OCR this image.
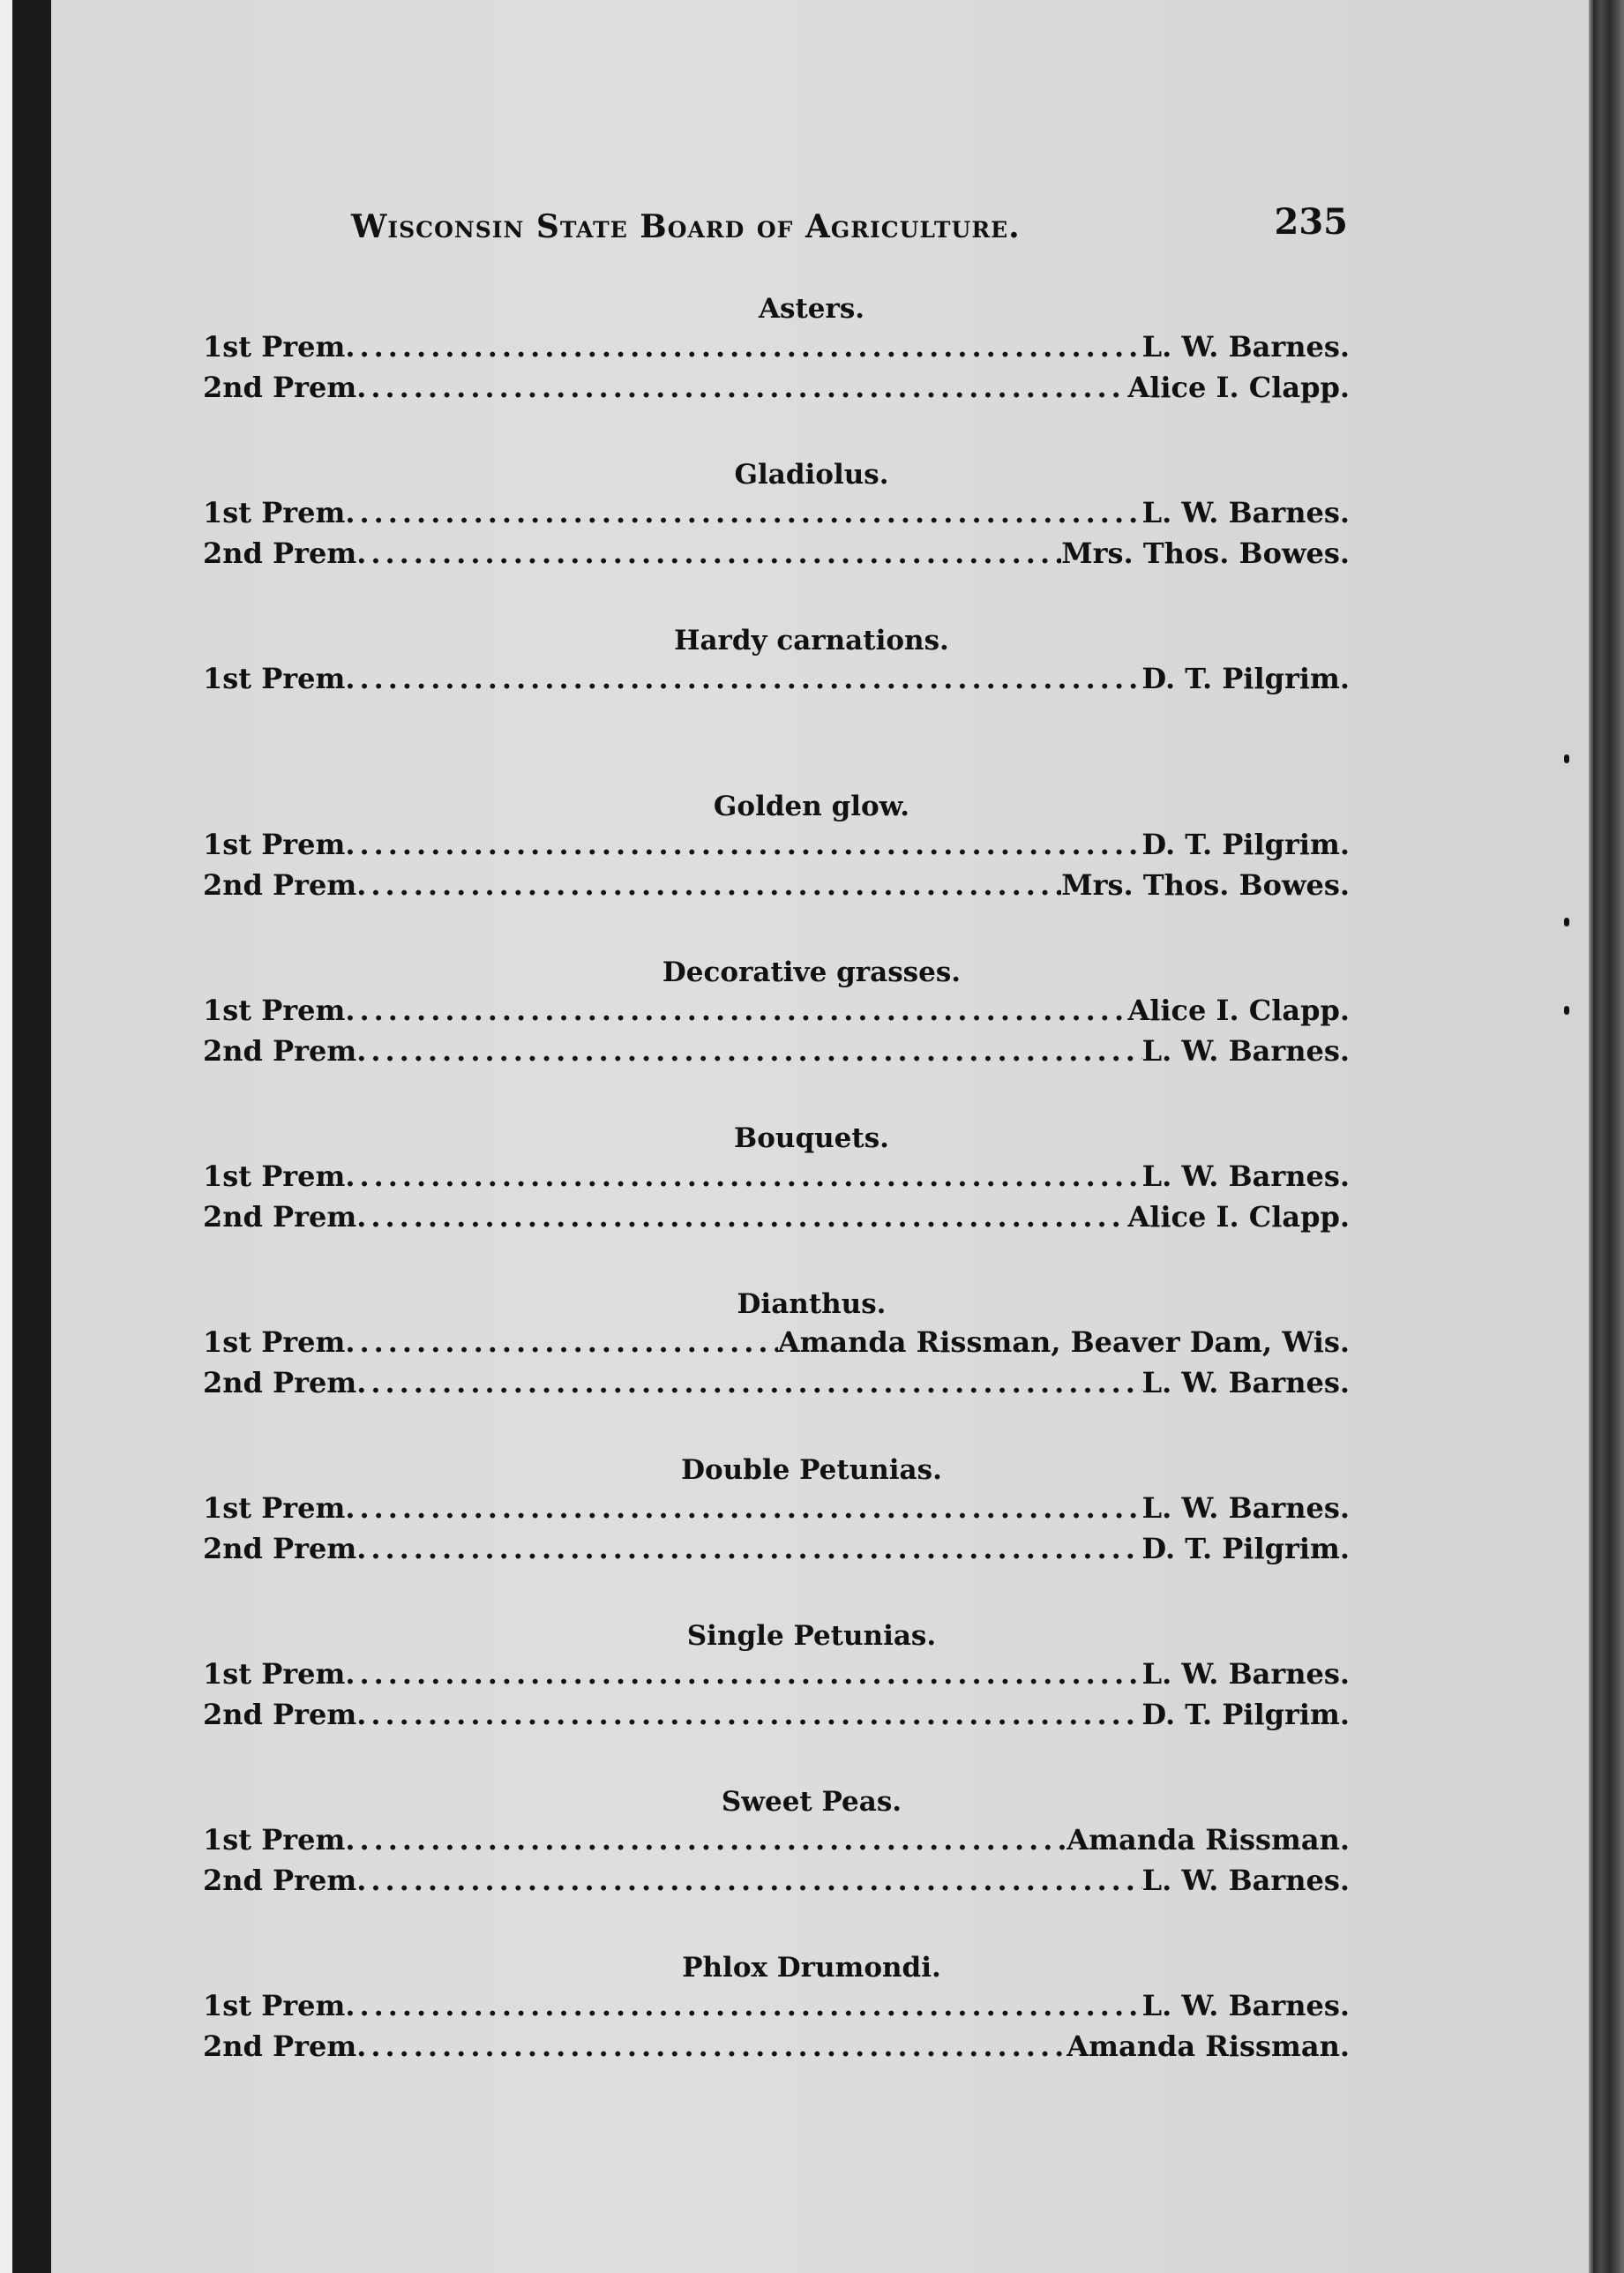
Wisconsin State Board of Agriculture.	235
Asters.
1st Prem .....	L. W. Barnes.
2nd Prem .....	Alice I. Clapp.
Gladiolus.
1st Prem .....	L. W. Barnes.
2nd Prem .....	Mrs. Thos. Bowes.
Hardy carnations.
1st Prem .....	D. T. Pilgrim.
Golden glow.
1st Prem .....	D. T. Pilgrim.
2nd Prem .....	Mrs. Thos. Bowes.
Decorative grasses.
1st Prem .....	Alice I. Clapp.
2nd Prem .....	L. W. Barnes.
Bouquets.
1st Prem .....	L. W. Barnes.
2nd Prem .....	Alice I. Clapp.
Dianthus.
1st Prem .....	Amanda Rissman, Beaver Dam, Wis.
2nd Prem .....	L. W. Barnes.
Double Petunias.
1st Prem .....	L. W. Barnes.
2nd Prem .....	D. T. Pilgrim.
Single Petunias.
1st Prem .....	L. W. Barnes.
2nd Prem .....	D. T. Pilgrim.
Sweet Peas.
1st Prem .....	Amanda Rissman.
2nd Prem .....	L. W. Barnes.
Phlox Drumondi.
1st Prem .....	L. W. Barnes.
2nd Prem .....	Amanda Rissman.
